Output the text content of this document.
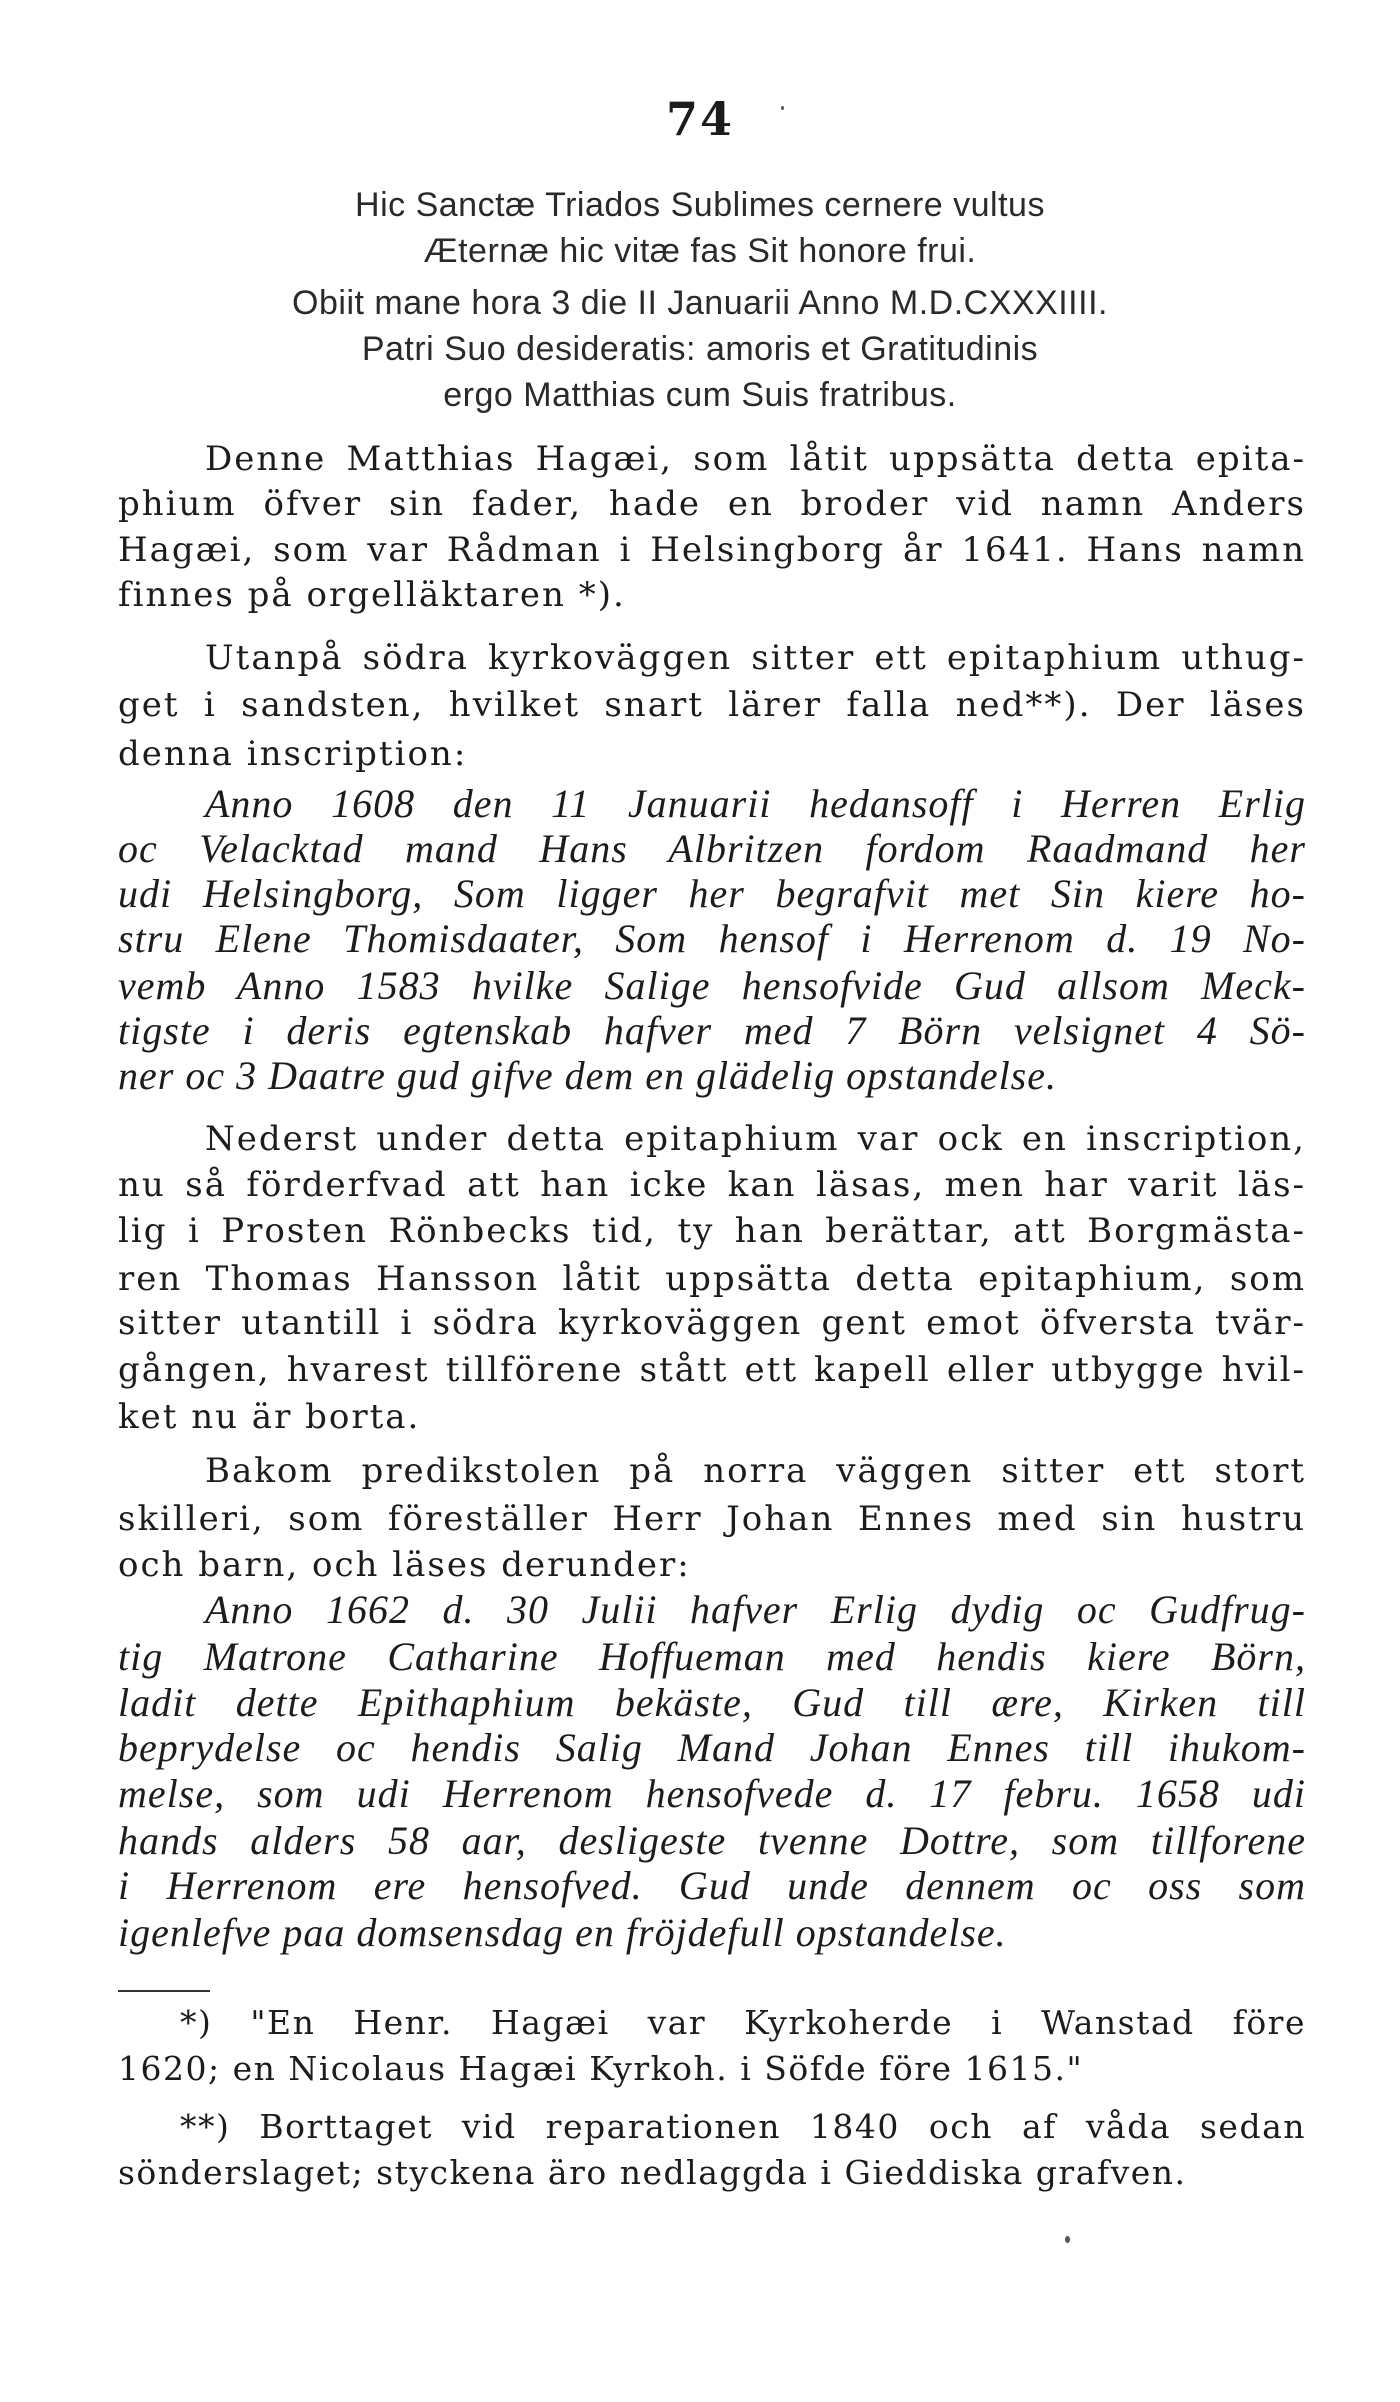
74
Hic Sanctæ Triados Sublimes cernere vultus
Æternæ hic vitæ fas Sit honore frui.
Obiit mane hora 3 die II Januarii Anno M.D.CXXXIIII.
Patri Suo desideratis: amoris et Gratitudinis
ergo Matthias cum Suis fratribus.
Denne Matthias Hagæi, som låtit uppsätta detta epita-
phium öfver sin fader, hade en broder vid namn Anders
Hagæi, som var Rådman i Helsingborg år 1641. Hans namn
finnes på orgelläktaren *).
Utanpå södra kyrkoväggen sitter ett epitaphium uthug-
get i sandsten, hvilket snart lärer falla ned**). Der läses
denna inscription:
Anno 1608 den 11 Januarii hedansoff i Herren Erlig
oc Velacktad mand Hans Albritzen fordom Raadmand her
udi Helsingborg, Som ligger her begrafvit met Sin kiere ho-
stru Elene Thomisdaater, Som hensof i Herrenom d. 19 No-
vemb Anno 1583 hvilke Salige hensofvide Gud allsom Meck-
tigste i deris egtenskab hafver med 7 Börn velsignet 4 Sö-
ner oc 3 Daatre gud gifve dem en glädelig opstandelse.
Nederst under detta epitaphium var ock en inscription,
nu så förderfvad att han icke kan läsas, men har varit läs-
lig i Prosten Rönbecks tid, ty han berättar, att Borgmästa-
ren Thomas Hansson låtit uppsätta detta epitaphium, som
sitter utantill i södra kyrkoväggen gent emot öfversta tvär-
gången, hvarest tillförene stått ett kapell eller utbygge hvil-
ket nu är borta.
Bakom predikstolen på norra väggen sitter ett stort
skilleri, som föreställer Herr Johan Ennes med sin hustru
och barn, och läses derunder:
Anno 1662 d. 30 Julii hafver Erlig dydig oc Gudfrug-
tig Matrone Catharine Hoffueman med hendis kiere Börn,
ladit dette Epithaphium bekäste, Gud till ære, Kirken till
beprydelse oc hendis Salig Mand Johan Ennes till ihukom-
melse, som udi Herrenom hensofvede d. 17 febru. 1658 udi
hands alders 58 aar, desligeste tvenne Dottre, som tillforene
i Herrenom ere hensofved. Gud unde dennem oc oss som
igenlefve paa domsensdag en fröjdefull opstandelse.
*) "En Henr. Hagæi var Kyrkoherde i Wanstad före
1620; en Nicolaus Hagæi Kyrkoh. i Söfde före 1615."
**) Borttaget vid reparationen 1840 och af våda sedan
sönderslaget; styckena äro nedlaggda i Gieddiska grafven.
